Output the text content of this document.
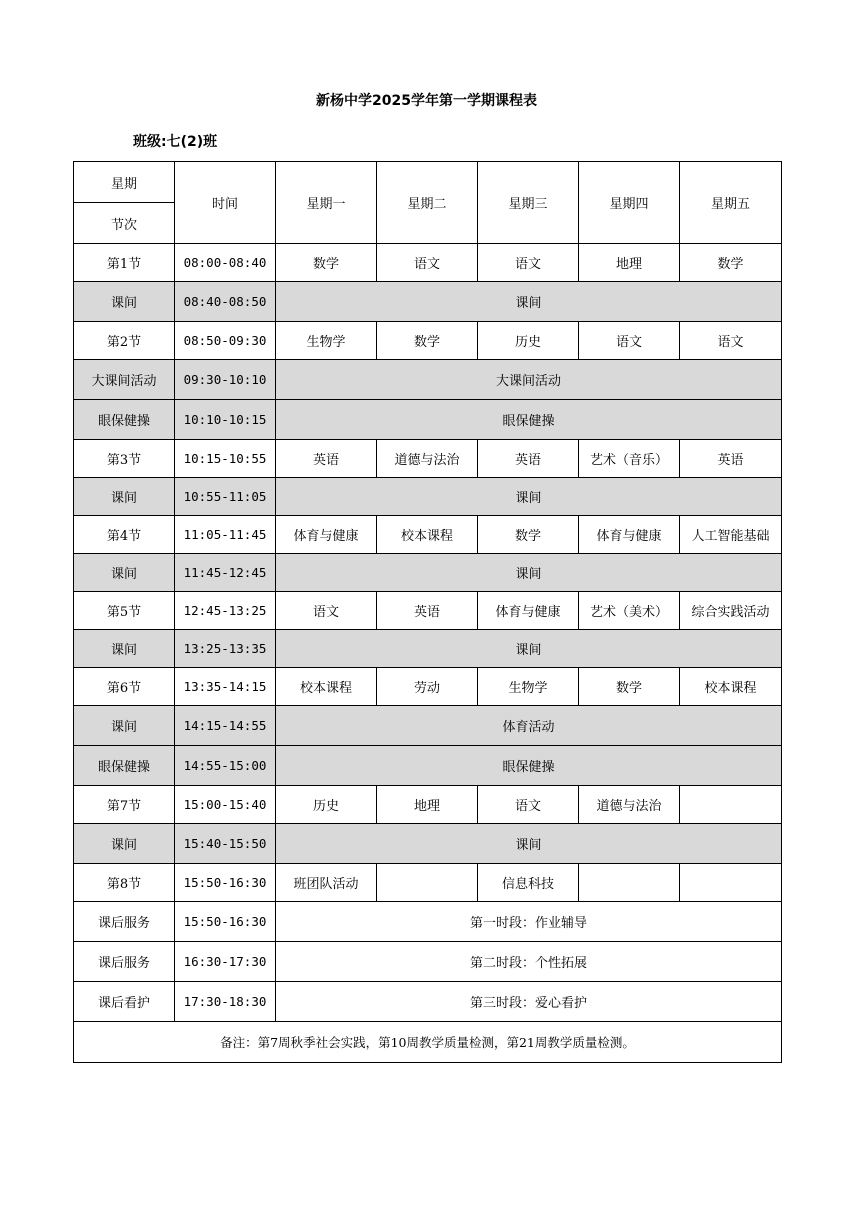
新杨中学2025学年第一学期课程表
班级:七(2)班
星期	时间	星期一	星期二	星期三	星期四	星期五
节次						
第1节	08:00-08:40	数学	语文	语文	地理	数学
课间	08:40-08:50	课间				
第2节	08:50-09:30	生物学	数学	历史	语文	语文
大课间活动	09:30-10:10	大课间活动				
眼保健操	10:10-10:15	眼保健操				
第3节	10:15-10:55	英语	道德与法治	英语	艺术（音乐）	英语
课间	10:55-11:05	课间				
第4节	11:05-11:45	体育与健康	校本课程	数学	体育与健康	人工智能基础
课间	11:45-12:45	课间				
第5节	12:45-13:25	语文	英语	体育与健康	艺术（美术）	综合实践活动
课间	13:25-13:35	课间				
第6节	13:35-14:15	校本课程	劳动	生物学	数学	校本课程
课间	14:15-14:55	体育活动				
眼保健操	14:55-15:00	眼保健操				
第7节	15:00-15:40	历史	地理	语文	道德与法治	
课间	15:40-15:50	课间				
第8节	15:50-16:30	班团队活动		信息科技		
课后服务	15:50-16:30	第一时段：作业辅导				
课后服务	16:30-17:30	第二时段：个性拓展				
课后看护	17:30-18:30	第三时段：爱心看护				
备注：第7周秋季社会实践，第10周教学质量检测，第21周教学质量检测。						
